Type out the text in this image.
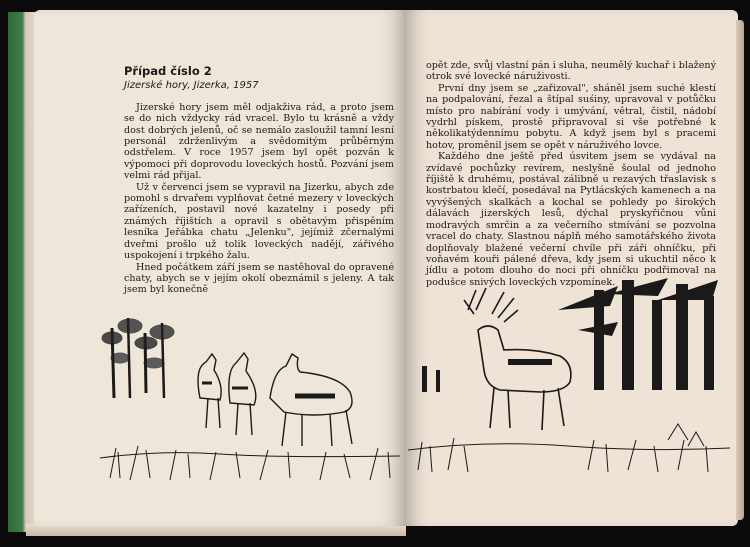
Případ číslo 2
Jizerské hory, Jizerka, 1957

Jizerské hory jsem měl odjakživa rád, a proto jsem se do nich vždycky rád vracel. Bylo tu krásně a vždy dost dobrých jelenů, oč se nemálo zasloužil tamní lesní personál zdrženlivým a svědomitým průběrným odstřelem. V roce 1957 jsem byl opět pozván k výpomoci při doprovodu loveckých hostů. Pozvání jsem velmi rád přijal.

Už v červenci jsem se vypravil na Jizerku, abych zde pomohl s drvařem vyplňovat četné mezery v loveckých zařízeních, postavil nové kazatelny i posedy při známých říjištích a opravil s obětavým přispěním lesníka Jeřábka chatu „Jelenku", jejímiž zčernalými dveřmi prošlo už tolik loveckých nadějí, zářivého uspokojení i trpkého žalu.

Hned počátkem září jsem se nastěhoval do opravené chaty, abych se v jejím okolí obeznámil s jeleny. A tak jsem byl konečně

opět zde, svůj vlastní pán i sluha, neumělý kuchař i blažený otrok své lovecké náruživosti.

První dny jsem se „zařizoval", sháněl jsem suché klestí na podpalování, řezal a štípal suśiny, upravoval v potůčku místo pro nabírání vody i umývání, větral, čistil, nádobí vydrhl pískem, prostě připravoval si vše potřebné k několikatýdennímu pobytu. A když jsem byl s pracemi hotov, proměnil jsem se opět v náruživého lovce.

Každého dne ještě před úsvitem jsem se vydával na zvídavé pochůzky revírem, neslyšně šoulal od jednoho říjiště k druhému, postával zálibně u rezavých třaslavisk s kostrbatou klečí, posedával na Pytlácských kamenech a na vyvýšených skalkách a kochal se pohledy po širokých dálavách jizerských lesů, dýchal pryskyřičnou vůni modravých smrčin a za večerního stmívání se pozvolna vracel do chaty. Slastnou náplň mého samotářského života doplňovaly blažené večerní chvíle při záři ohníčku, při voňavém kouři pálené dřeva, kdy jsem si ukuchtil něco k jídlu a potom dlouho do noci při ohníčku podřimoval na podušce snivých loveckých vzpomínek.
